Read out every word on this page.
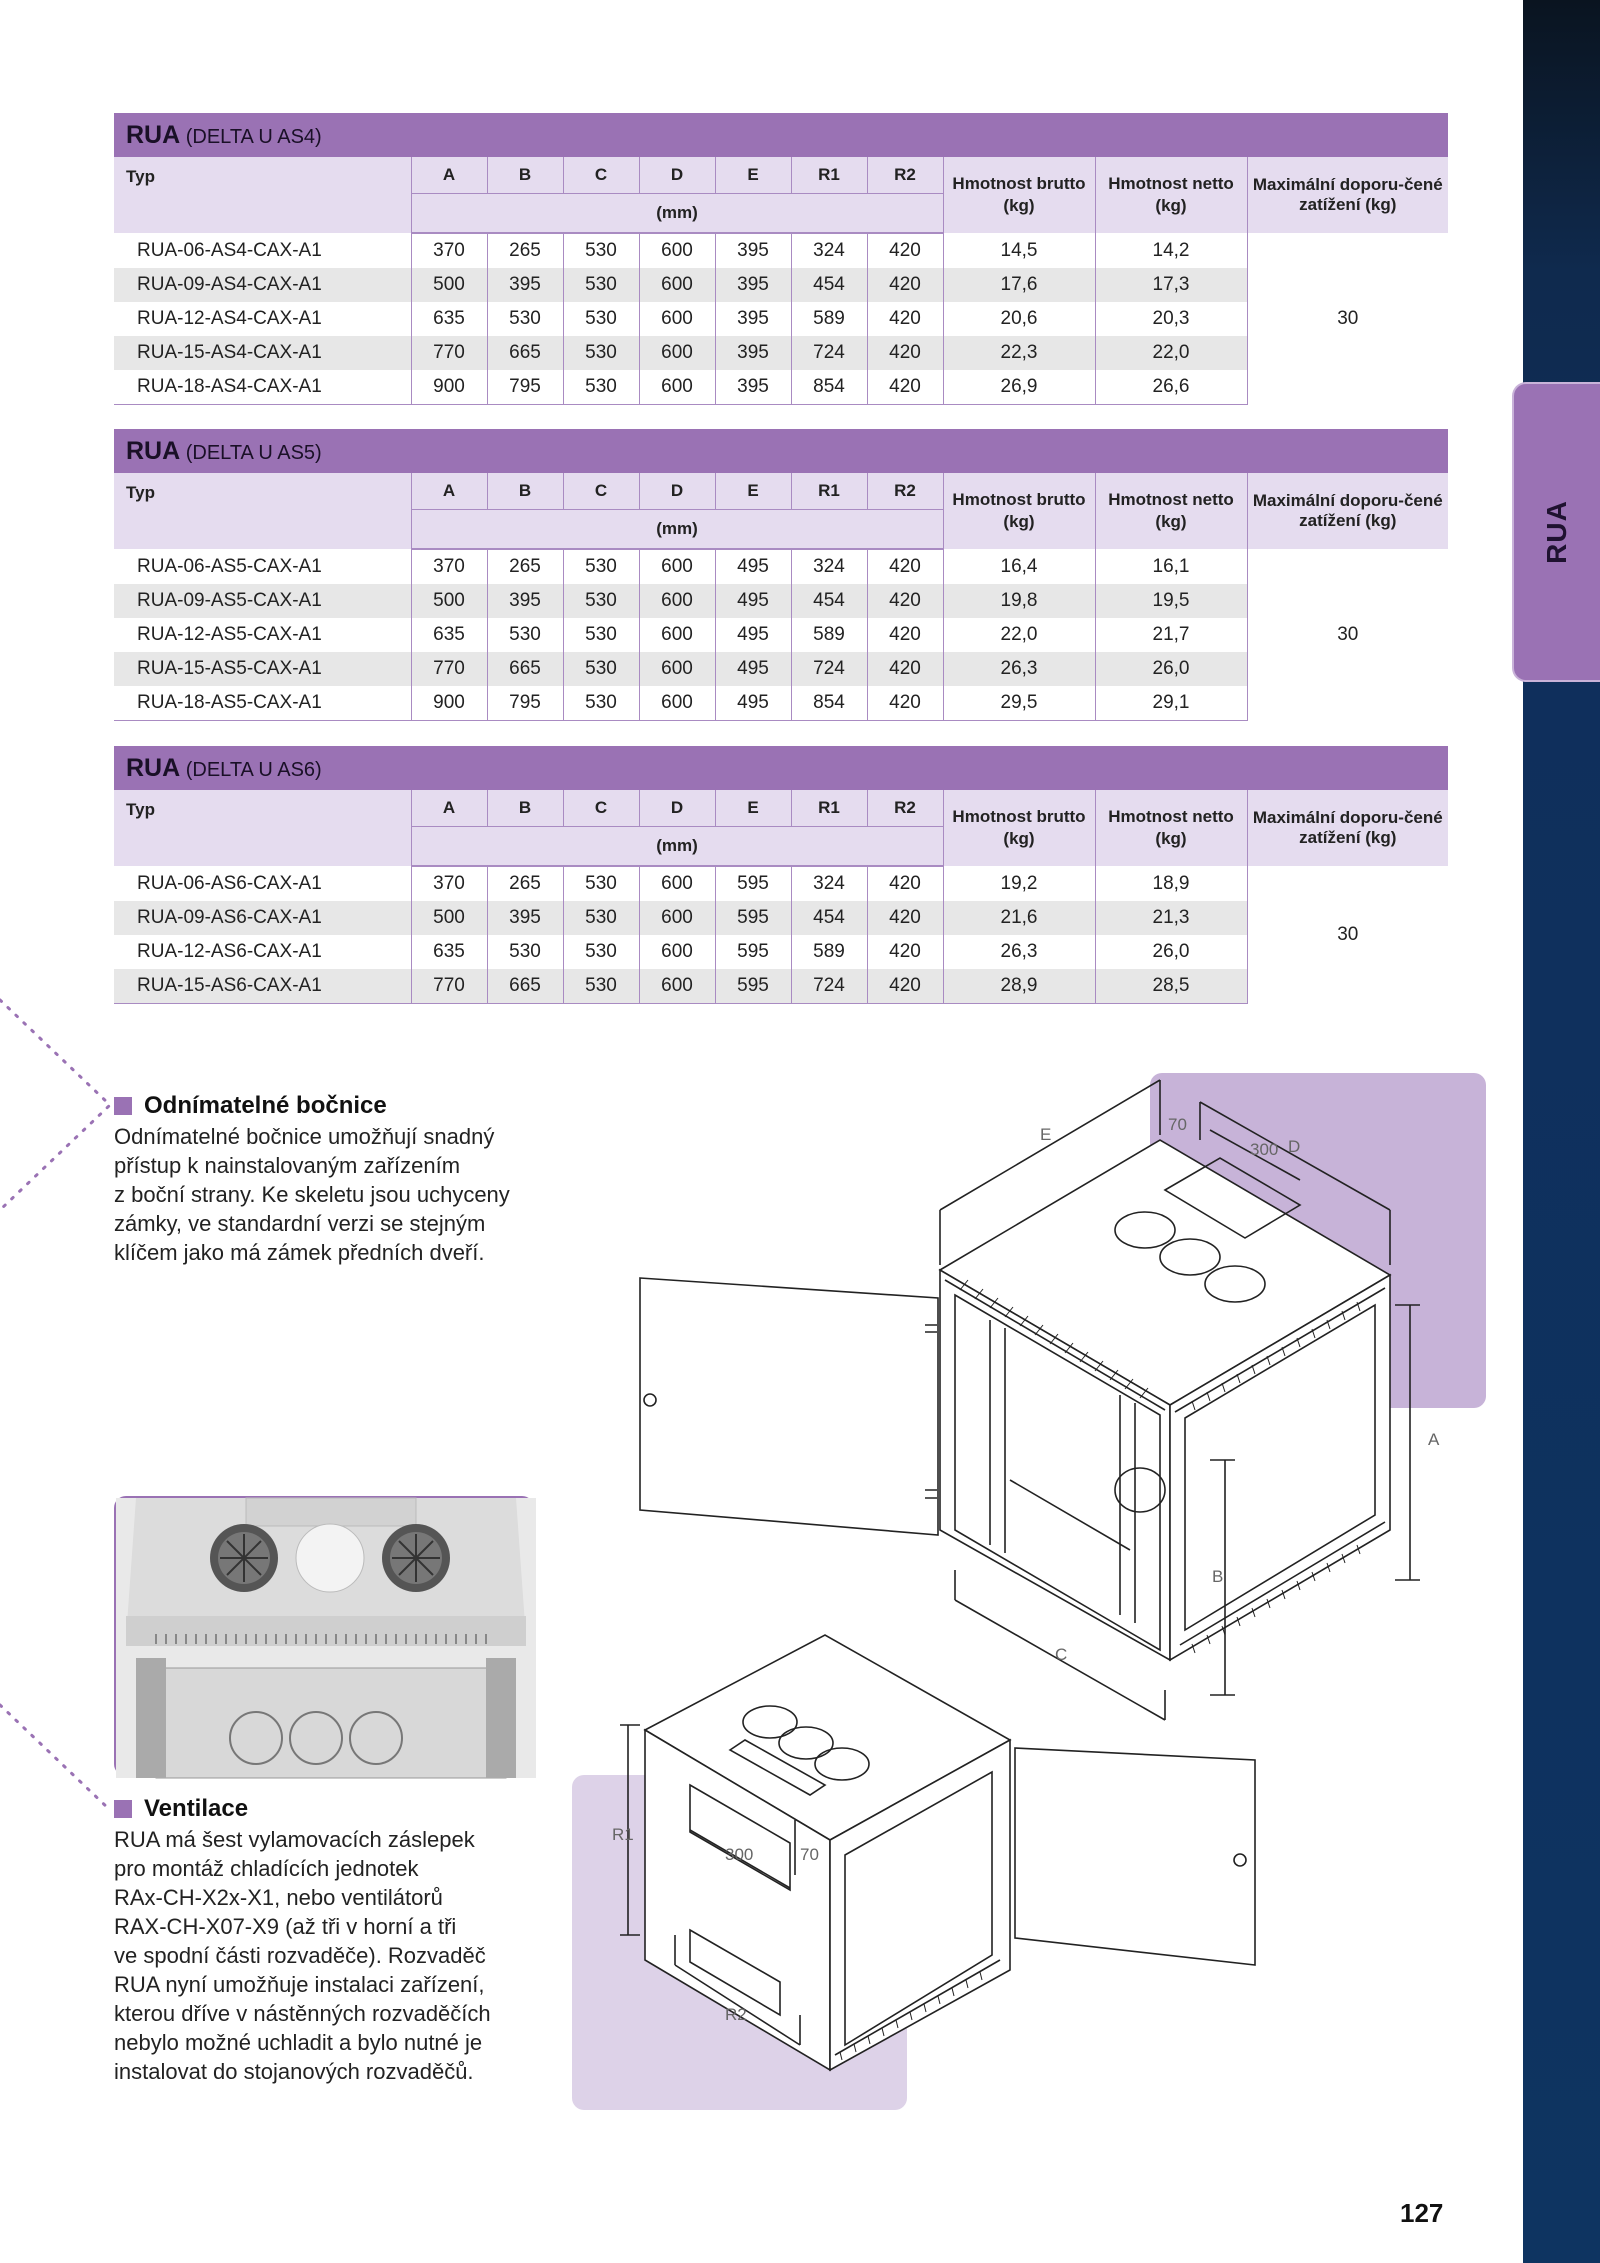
RUA
RUA (DELTA U AS4)										
Typ	A	B	C	D	E	R1	R2	Hmotnost brutto (kg)	Hmotnost netto (kg)	Maximální doporu-čené zatížení (kg)
	(mm)									
RUA-06-AS4-CAX-A1	370	265	530	600	395	324	420	14,5	14,2	30
RUA-09-AS4-CAX-A1	500	395	530	600	395	454	420	17,6	17,3	
RUA-12-AS4-CAX-A1	635	530	530	600	395	589	420	20,6	20,3	
RUA-15-AS4-CAX-A1	770	665	530	600	395	724	420	22,3	22,0	
RUA-18-AS4-CAX-A1	900	795	530	600	395	854	420	26,9	26,6	
RUA (DELTA U AS5)										
Typ	A	B	C	D	E	R1	R2	Hmotnost brutto (kg)	Hmotnost netto (kg)	Maximální doporu-čené zatížení (kg)
	(mm)									
RUA-06-AS5-CAX-A1	370	265	530	600	495	324	420	16,4	16,1	30
RUA-09-AS5-CAX-A1	500	395	530	600	495	454	420	19,8	19,5	
RUA-12-AS5-CAX-A1	635	530	530	600	495	589	420	22,0	21,7	
RUA-15-AS5-CAX-A1	770	665	530	600	495	724	420	26,3	26,0	
RUA-18-AS5-CAX-A1	900	795	530	600	495	854	420	29,5	29,1	
RUA (DELTA U AS6)										
Typ	A	B	C	D	E	R1	R2	Hmotnost brutto (kg)	Hmotnost netto (kg)	Maximální doporu-čené zatížení (kg)
	(mm)									
RUA-06-AS6-CAX-A1	370	265	530	600	595	324	420	19,2	18,9	30
RUA-09-AS6-CAX-A1	500	395	530	600	595	454	420	21,6	21,3	
RUA-12-AS6-CAX-A1	635	530	530	600	595	589	420	26,3	26,0	
RUA-15-AS6-CAX-A1	770	665	530	600	595	724	420	28,9	28,5	
Odnímatelné bočnice

Odnímatelné bočnice umožňují snadný
přístup k nainstalovaným zařízením
z boční strany. Ke skeletu jsou uchyceny
zámky, ve standardní verzi se stejným
klíčem jako má zámek předních dveří.

Ventilace

RUA má šest vylamovacích záslepek
pro montáž chladících jednotek
RAx-CH-X2x-X1, nebo ventilátorů
RAX-CH-X07-X9 (až tři v horní a tři
ve spodní části rozvaděče). Rozvaděč
RUA nyní umožňuje instalaci zařízení,
kterou dříve v nástěnných rozvaděčích
nebylo možné uchladit a bylo nutné je
instalovat do stojanových rozvaděčů.

E
D
70
300
A
B
C
R1
R2
300	70
127
